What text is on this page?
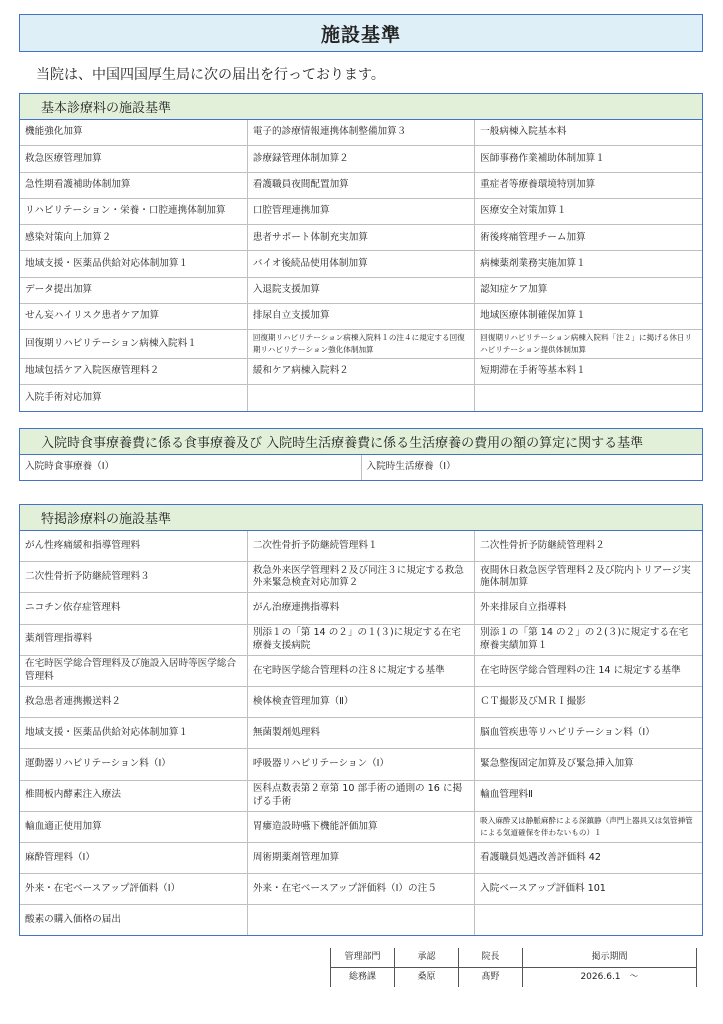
施設基準
当院は、中国四国厚生局に次の届出を行っております。
基本診療料の施設基準
機能強化加算	電子的診療情報連携体制整備加算３	一般病棟入院基本料
救急医療管理加算	診療録管理体制加算２	医師事務作業補助体制加算１
急性期看護補助体制加算	看護職員夜間配置加算	重症者等療養環境特別加算
リハビリテーション・栄養・口腔連携体制加算	口腔管理連携加算	医療安全対策加算１
感染対策向上加算２	患者サポート体制充実加算	術後疼痛管理チーム加算
地域支援・医薬品供給対応体制加算１	バイオ後続品使用体制加算	病棟薬剤業務実施加算１
データ提出加算	入退院支援加算	認知症ケア加算
せん妄ハイリスク患者ケア加算	排尿自立支援加算	地域医療体制確保加算１
回復期リハビリテーション病棟入院料１	回復期リハビリテーション病棟入院料１の注４に規定する回復期リハビリテーション強化体制加算	回復期リハビリテーション病棟入院料「注２」に掲げる休日リハビリテーション提供体制加算
地域包括ケア入院医療管理料２	緩和ケア病棟入院料２	短期滞在手術等基本料１
入院手術対応加算		
入院時食事療養費に係る食事療養及び 入院時生活療養費に係る生活療養の費用の額の算定に関する基準
入院時食事療養（Ⅰ）	入院時生活療養（Ⅰ）
特掲診療料の施設基準
がん性疼痛緩和指導管理料	二次性骨折予防継続管理料１	二次性骨折予防継続管理料２
二次性骨折予防継続管理料３	救急外来医学管理料２及び同注３に規定する救急外来緊急検査対応加算２	夜間休日救急医学管理料２及び院内トリアージ実施体制加算
ニコチン依存症管理料	がん治療連携指導料	外来排尿自立指導料
薬剤管理指導料	別添１の「第 14 の２」の１(３)に規定する在宅療養支援病院	別添１の「第 14 の２」の２(３)に規定する在宅療養実績加算１
在宅時医学総合管理料及び施設入居時等医学総合管理料	在宅時医学総合管理料の注８に規定する基準	在宅時医学総合管理料の注 14 に規定する基準
救急患者連携搬送料２	検体検査管理加算（Ⅱ）	ＣＴ撮影及びＭＲＩ撮影
地域支援・医薬品供給対応体制加算１	無菌製剤処理料	脳血管疾患等リハビリテーション料（Ⅰ）
運動器リハビリテーション料（Ⅰ）	呼吸器リハビリテーション（Ⅰ）	緊急整復固定加算及び緊急挿入加算
椎間板内酵素注入療法	医科点数表第２章第 10 部手術の通則の 16 に掲げる手術	輸血管理料Ⅱ
輸血適正使用加算	胃瘻造設時嚥下機能評価加算	吸入麻酔又は静脈麻酔による深鎮静（声門上器具又は気管挿管による気道確保を伴わないもの）１
麻酔管理料（Ⅰ）	周術期薬剤管理加算	看護職員処遇改善評価料 42
外来・在宅ベースアップ評価料（Ⅰ）	外来・在宅ベースアップ評価料（Ⅰ）の注５	入院ベースアップ評価料 101
酸素の購入価格の届出		
管理部門	承認	院長	掲示期間
総務課	桑原	髙野	2026.6.1　～
